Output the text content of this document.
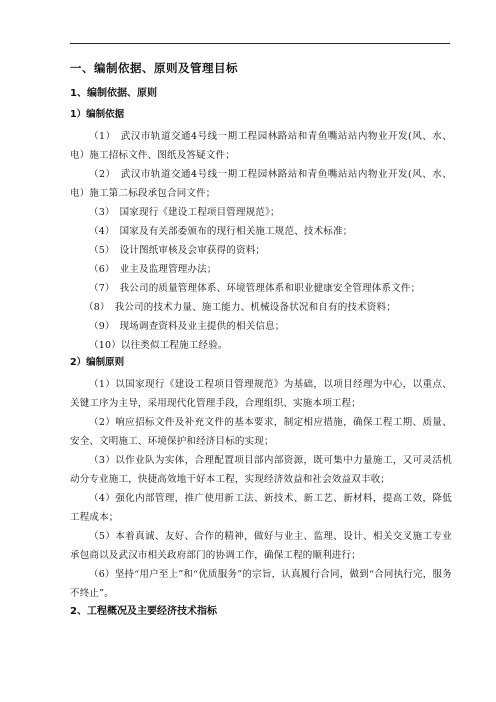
一、编制依据、原则及管理目标
1、编制依据、原则
1）编制依据

（1）　武汉市轨道交通4号线一期工程园林路站和青鱼嘴站站内物业开发(风、水、电）施工招标文件、图纸及答疑文件；

（2）　武汉市轨道交通4号线一期工程园林路站和青鱼嘴站站内物业开发(风、水、电）施工第二标段承包合同文件；

（3）　国家现行《建设工程项目管理规范》；

（4）　国家及有关部委颁布的现行相关施工规范、技术标准；

（5）　设计图纸审核及会审获得的资料；

（6）　业主及监理管理办法；

（7）　我公司的质量管理体系、环境管理体系和职业健康安全管理体系文件；

（8）　我公司的技术力量、施工能力、机械设备状况和自有的技术资料；

（9）　现场调查资料及业主提供的相关信息；

（10）以往类似工程施工经验。

2）编制原则

（1）以国家现行《建设工程项目管理规范》为基础，以项目经理为中心，以重点、关键工序为主导，采用现代化管理手段，合理组织、实施本项工程；

（2）响应招标文件及补充文件的基本要求，制定相应措施，确保工程工期、质量、安全、文明施工、环境保护和经济目标的实现；

（3）以作业队为实体，合理配置项目部内部资源，既可集中力量施工，又可灵活机动分专业施工，快捷高效地干好本工程，实现经济效益和社会效益双丰收；

（4）强化内部管理，推广使用新工法、新技术、新工艺、新材料，提高工效，降低工程成本；

（5）本着真诚、友好、合作的精神，做好与业主、监理、设计、相关交叉施工专业承包商以及武汉市相关政府部门的协调工作，确保工程的顺利进行；

（6）坚持“用户至上”和“优质服务”的宗旨，认真履行合同，做到“合同执行完，服务不终止”。

2、工程概况及主要经济技术指标
